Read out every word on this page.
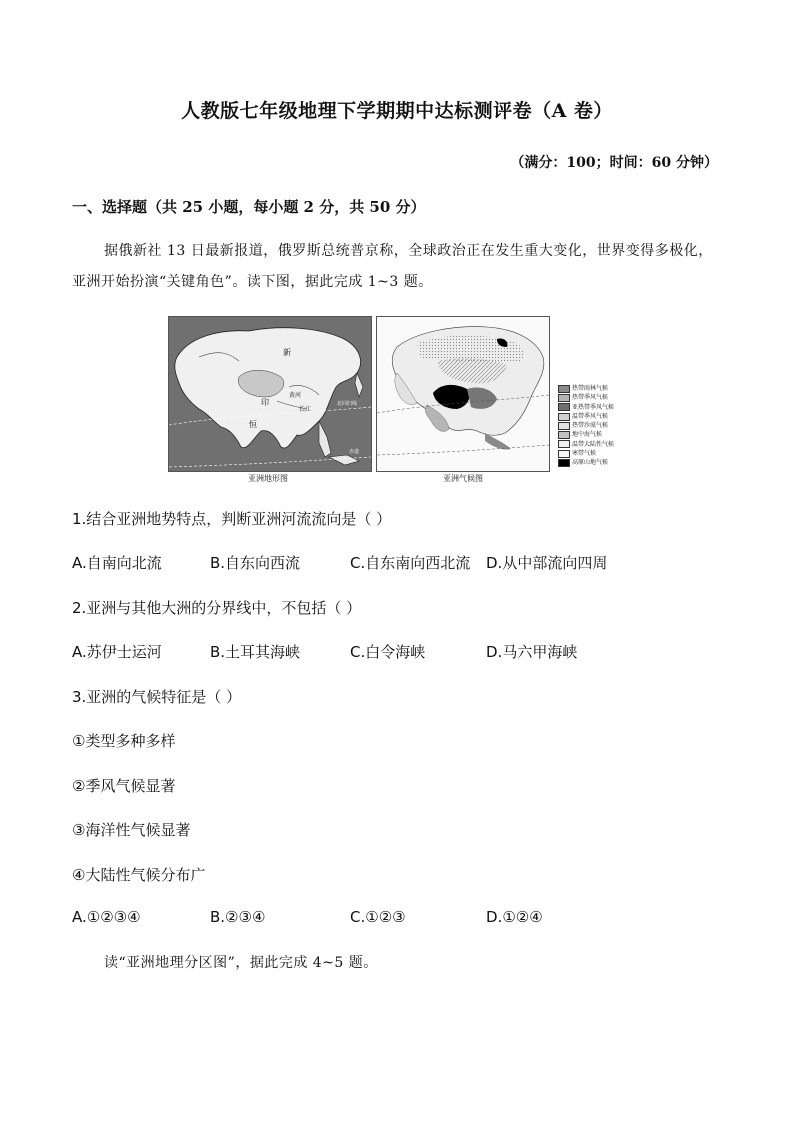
人教版七年级地理下学期期中达标测评卷（A 卷）
（满分：100；时间：60 分钟）
一、选择题（共 25 小题，每小题 2 分，共 50 分）
据俄新社 13 日最新报道，俄罗斯总统普京称，全球政治正在发生重大变化，世界变得多极化，亚洲开始扮演“关键角色”。读下图，据此完成 1~3 题。
新
黄河
印
长江
恒
北回归线
赤道
亚洲地形图	亚洲气候图
热带雨林气候
热带季风气候
亚热带季风气候
温带季风气候
热带沙漠气候
地中海气候
温带大陆性气候
寒带气候
高原山地气候
1.结合亚洲地势特点，判断亚洲河流流向是（ ）
A.自南向北流	B.自东向西流	C.自东南向西北流 D.从中部流向四周
2.亚洲与其他大洲的分界线中，不包括（ ）
A.苏伊士运河	B.土耳其海峡	C.白令海峡	D.马六甲海峡
3.亚洲的气候特征是（ ）
①类型多种多样
②季风气候显著
③海洋性气候显著
④大陆性气候分布广
A.①②③④	B.②③④	C.①②③	D.①②④
读“亚洲地理分区图”，据此完成 4~5 题。
